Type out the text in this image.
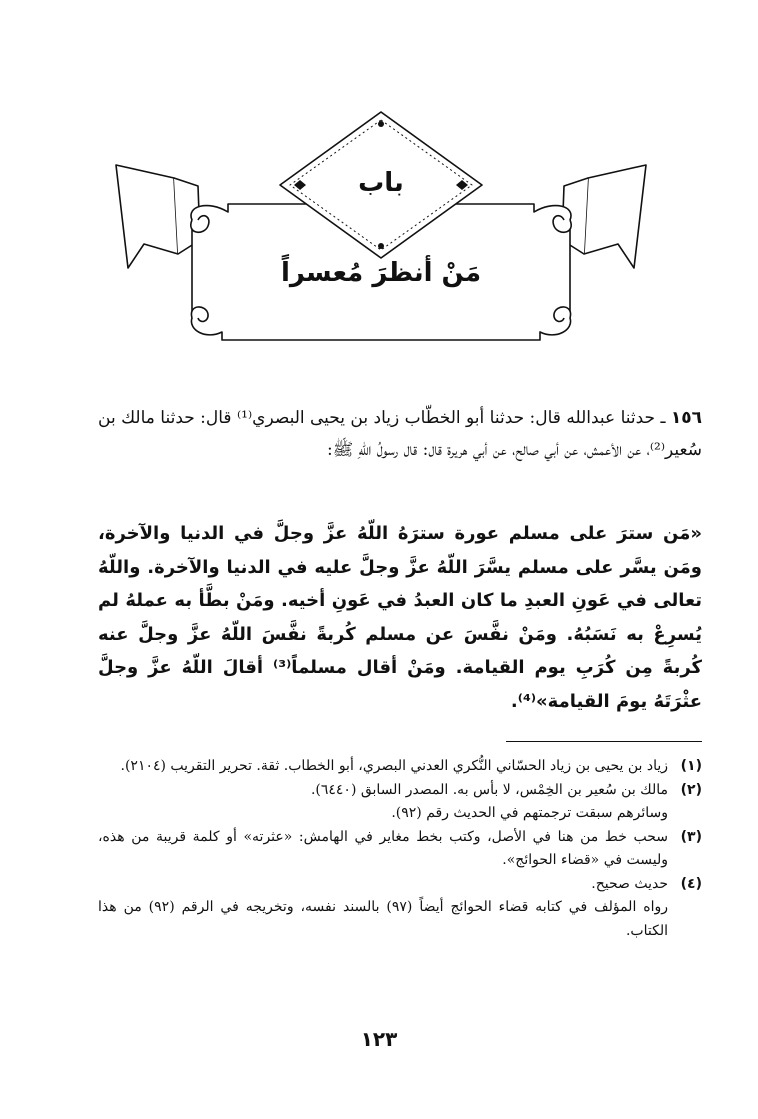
باب
مَنْ أنظرَ مُعسراً
١٥٦ ـ حدثنا عبدالله قال: حدثنا أبو الخطّاب زياد بن يحيى البصري⁽¹⁾ قال: حدثنا مالك بن سُعير⁽²⁾، عن الأعمش، عن أبي صالح، عن أبي هريرة قال: قال رسولُ اللّهِ ﷺ:
«مَن سترَ على مسلم عورة سترَهُ اللّهُ عزَّ وجلَّ في الدنيا والآخرة، ومَن يسَّر على مسلم يسَّرَ اللّهُ عزَّ وجلَّ عليه في الدنيا والآخرة. واللّهُ تعالى في عَونِ العبدِ ما كان العبدُ في عَونِ أخيه. ومَنْ بطَّأ به عملهُ لم يُسرِعْ به نَسَبُهُ. ومَنْ نفَّسَ عن مسلم كُربةً نفَّسَ اللّهُ عزَّ وجلَّ عنه كُربةً مِن كُرَبِ يوم القيامة. ومَنْ أقال مسلماً⁽³⁾ أقالَ اللّهُ عزَّ وجلَّ عثْرَتَهُ يومَ القيامة»⁽⁴⁾.
(١)

زياد بن يحيى بن زياد الحسّاني النُّكري العدني البصري، أبو الخطاب. ثقة. تحرير التقريب (٢١٠٤).

(٢)

مالك بن سُعير بن الخِمْس، لا بأس به. المصدر السابق (٦٤٤٠).

وسائرهم سبقت ترجمتهم في الحديث رقم (٩٢).

(٣)

سحب خط من هنا في الأصل، وكتب بخط مغاير في الهامش: «عثرته» أو كلمة قريبة من هذه، وليست في «قضاء الحوائج».

(٤)

حديث صحيح.

رواه المؤلف في كتابه قضاء الحوائج أيضاً (٩٧) بالسند نفسه، وتخريجه في الرقم (٩٢) من هذا الكتاب.

١٢٣
